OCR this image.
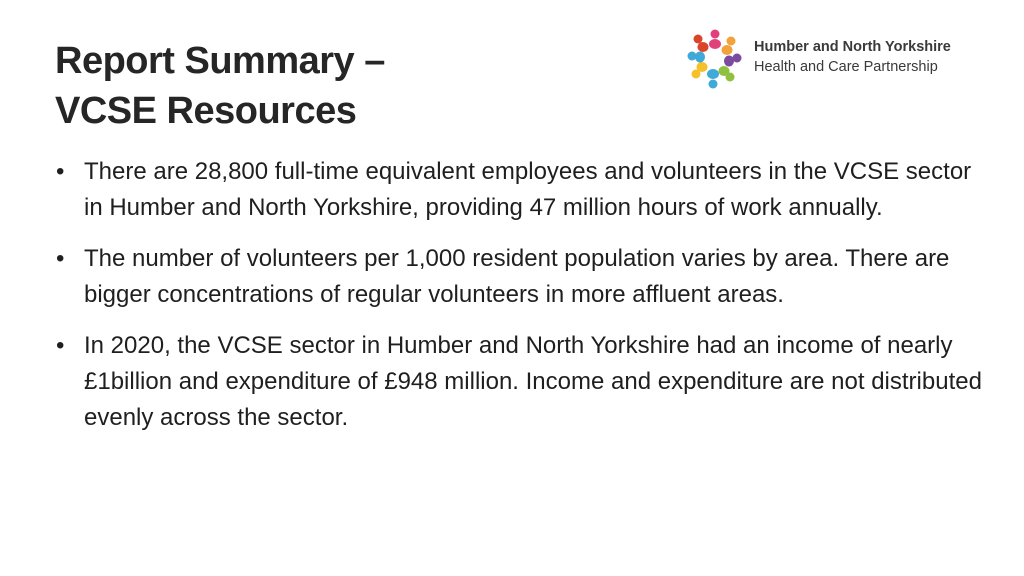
Report Summary –
VCSE Resources
Humber and North Yorkshire
Health and Care Partnership
• There are 28,800 full-time equivalent employees and volunteers in the VCSE sector in Humber and North Yorkshire, providing 47 million hours of work annually.
• The number of volunteers per 1,000 resident population varies by area. There are bigger concentrations of regular volunteers in more affluent areas.
• In 2020, the VCSE sector in Humber and North Yorkshire had an income of nearly £1billion and expenditure of £948 million. Income and expenditure are not distributed evenly across the sector.
